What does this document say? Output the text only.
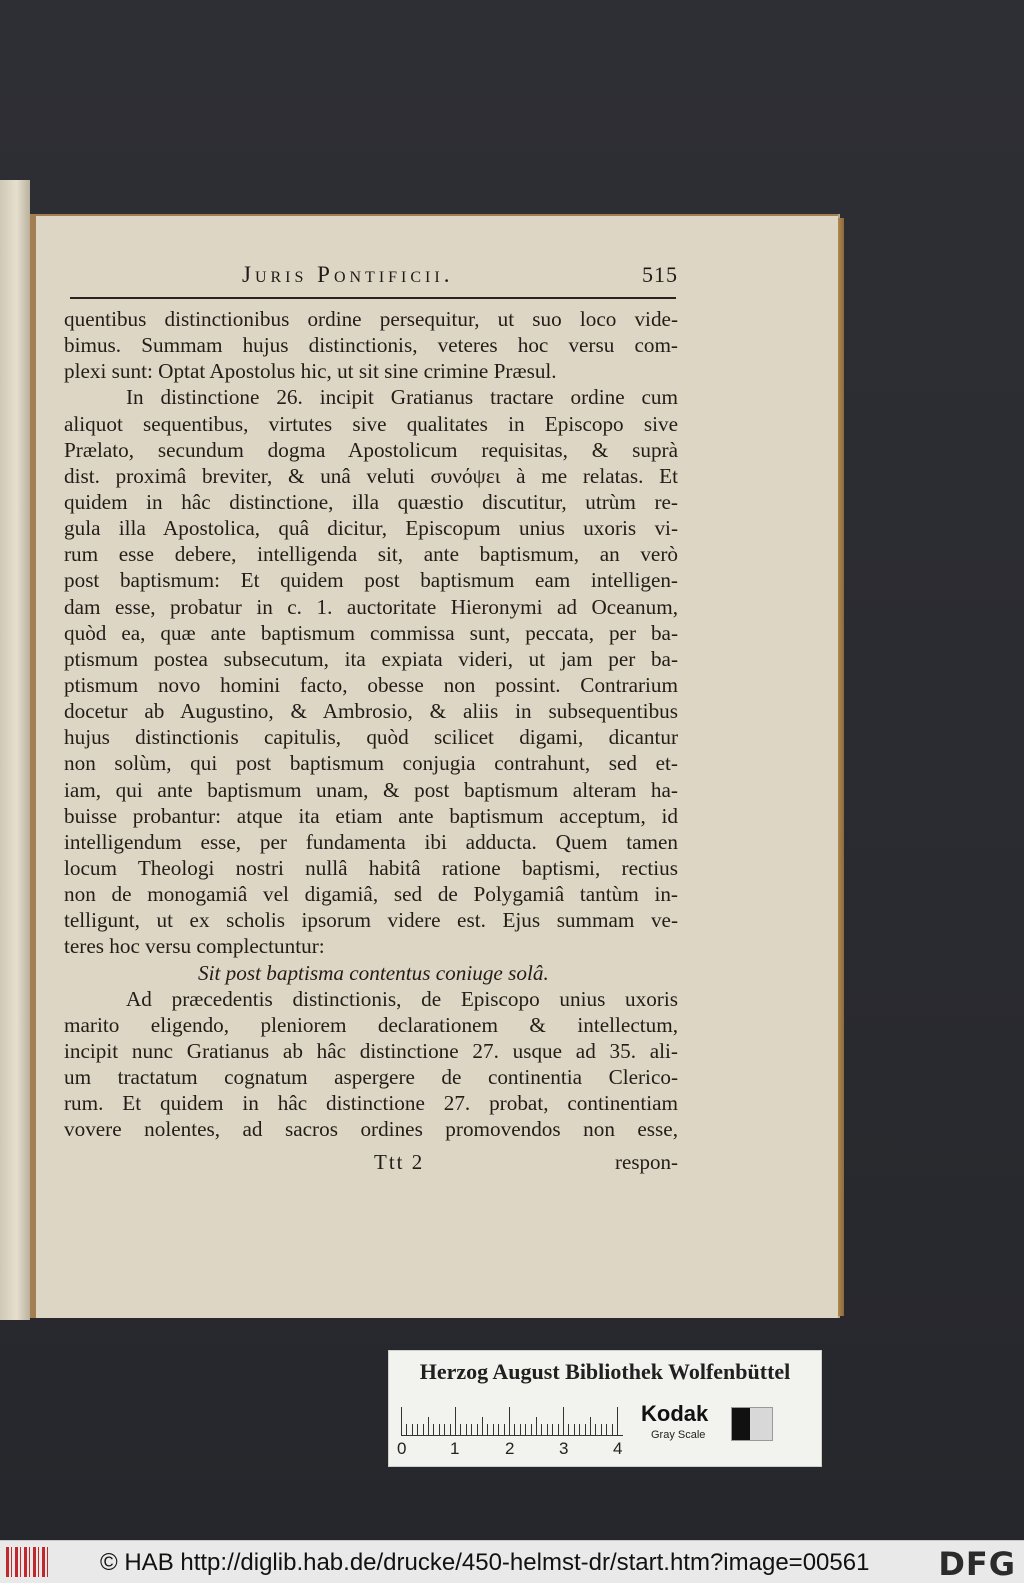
Juris Pontificii.	515
quentibus distinctionibus ordine persequitur, ut suo loco vide-
bimus. Summam hujus distinctionis, veteres hoc versu com-
plexi sunt: Optat Apostolus hic, ut sit sine crimine Præsul.
In distinctione 26. incipit Gratianus tractare ordine cum
aliquot sequentibus, virtutes sive qualitates in Episcopo sive
Prælato, secundum dogma Apostolicum requisitas, & suprà
dist. proximâ breviter, & unâ veluti συνόψει à me relatas. Et
quidem in hâc distinctione, illa quæstio discutitur, utrùm re-
gula illa Apostolica, quâ dicitur, Episcopum unius uxoris vi-
rum esse debere, intelligenda sit, ante baptismum, an verò
post baptismum: Et quidem post baptismum eam intelligen-
dam esse, probatur in c. 1. auctoritate Hieronymi ad Oceanum,
quòd ea, quæ ante baptismum commissa sunt, peccata, per ba-
ptismum postea subsecutum, ita expiata videri, ut jam per ba-
ptismum novo homini facto, obesse non possint. Contrarium
docetur ab Augustino, & Ambrosio, & aliis in subsequentibus
hujus distinctionis capitulis, quòd scilicet digami, dicantur
non solùm, qui post baptismum conjugia contrahunt, sed et-
iam, qui ante baptismum unam, & post baptismum alteram ha-
buisse probantur: atque ita etiam ante baptismum acceptum, id
intelligendum esse, per fundamenta ibi adducta. Quem tamen
locum Theologi nostri nullâ habitâ ratione baptismi, rectius
non de monogamiâ vel digamiâ, sed de Polygamiâ tantùm in-
telligunt, ut ex scholis ipsorum videre est. Ejus summam ve-
teres hoc versu complectuntur:
Sit post baptisma contentus coniuge solâ.
Ad præcedentis distinctionis, de Episcopo unius uxoris
marito eligendo, pleniorem declarationem & intellectum,
incipit nunc Gratianus ab hâc distinctione 27. usque ad 35. ali-
um tractatum cognatum aspergere de continentia Clerico-
rum. Et quidem in hâc distinctione 27. probat, continentiam
vovere nolentes, ad sacros ordines promovendos non esse,
Ttt 2	respon-
Herzog August Bibliothek Wolfenbüttel
0	1	2	3	4
Kodak
Gray Scale
© HAB http://diglib.hab.de/drucke/450-helmst-dr/start.htm?image=00561 DFG
